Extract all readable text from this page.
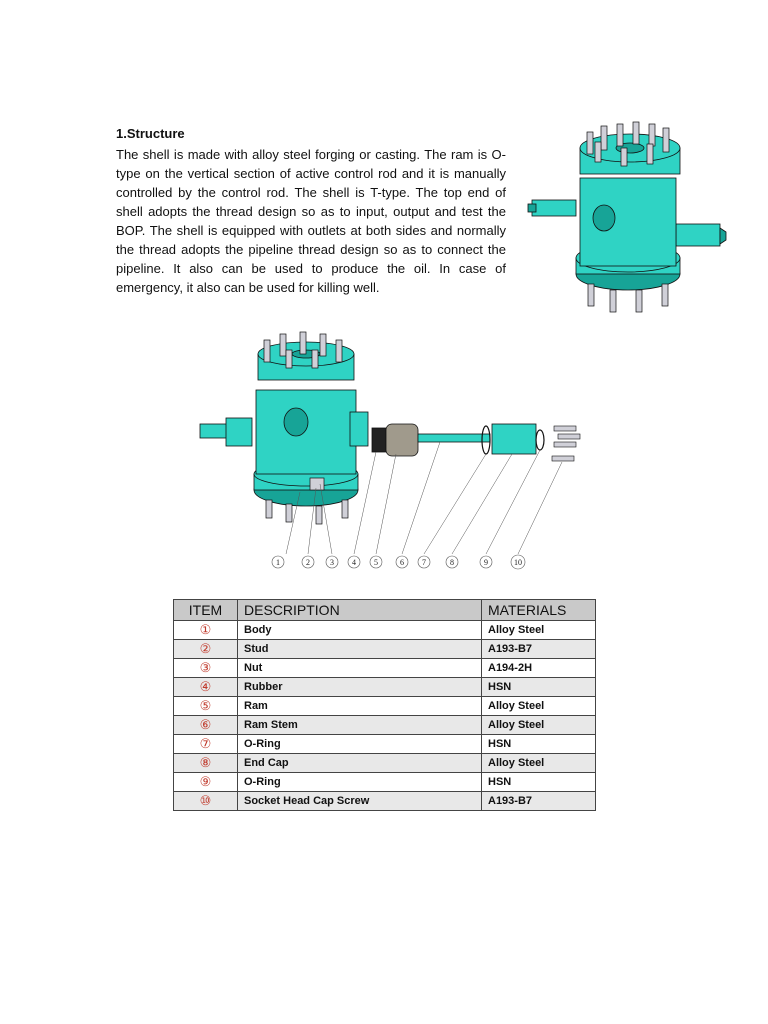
1.Structure

The shell is made with alloy steel forging or casting. The ram is O-type on the vertical section of active control rod and it is manually controlled by the control rod. The shell is T-type. The top end of shell adopts the thread design so as to input, output and test the BOP. The shell is equipped with outlets at both sides and normally the thread adopts the pipeline thread design so as to connect the pipeline. It also can be used to produce the oil. In case of emergency, it also can be used for killing well.

1	2	3 4 5	6 7	8	9	10
ITEM	DESCRIPTION	MATERIALS
①	Body	Alloy Steel
②	Stud	A193-B7
③	Nut	A194-2H
④	Rubber	HSN
⑤	Ram	Alloy Steel
⑥	Ram Stem	Alloy Steel
⑦	O-Ring	HSN
⑧	End Cap	Alloy Steel
⑨	O-Ring	HSN
⑩	Socket Head Cap Screw	A193-B7
